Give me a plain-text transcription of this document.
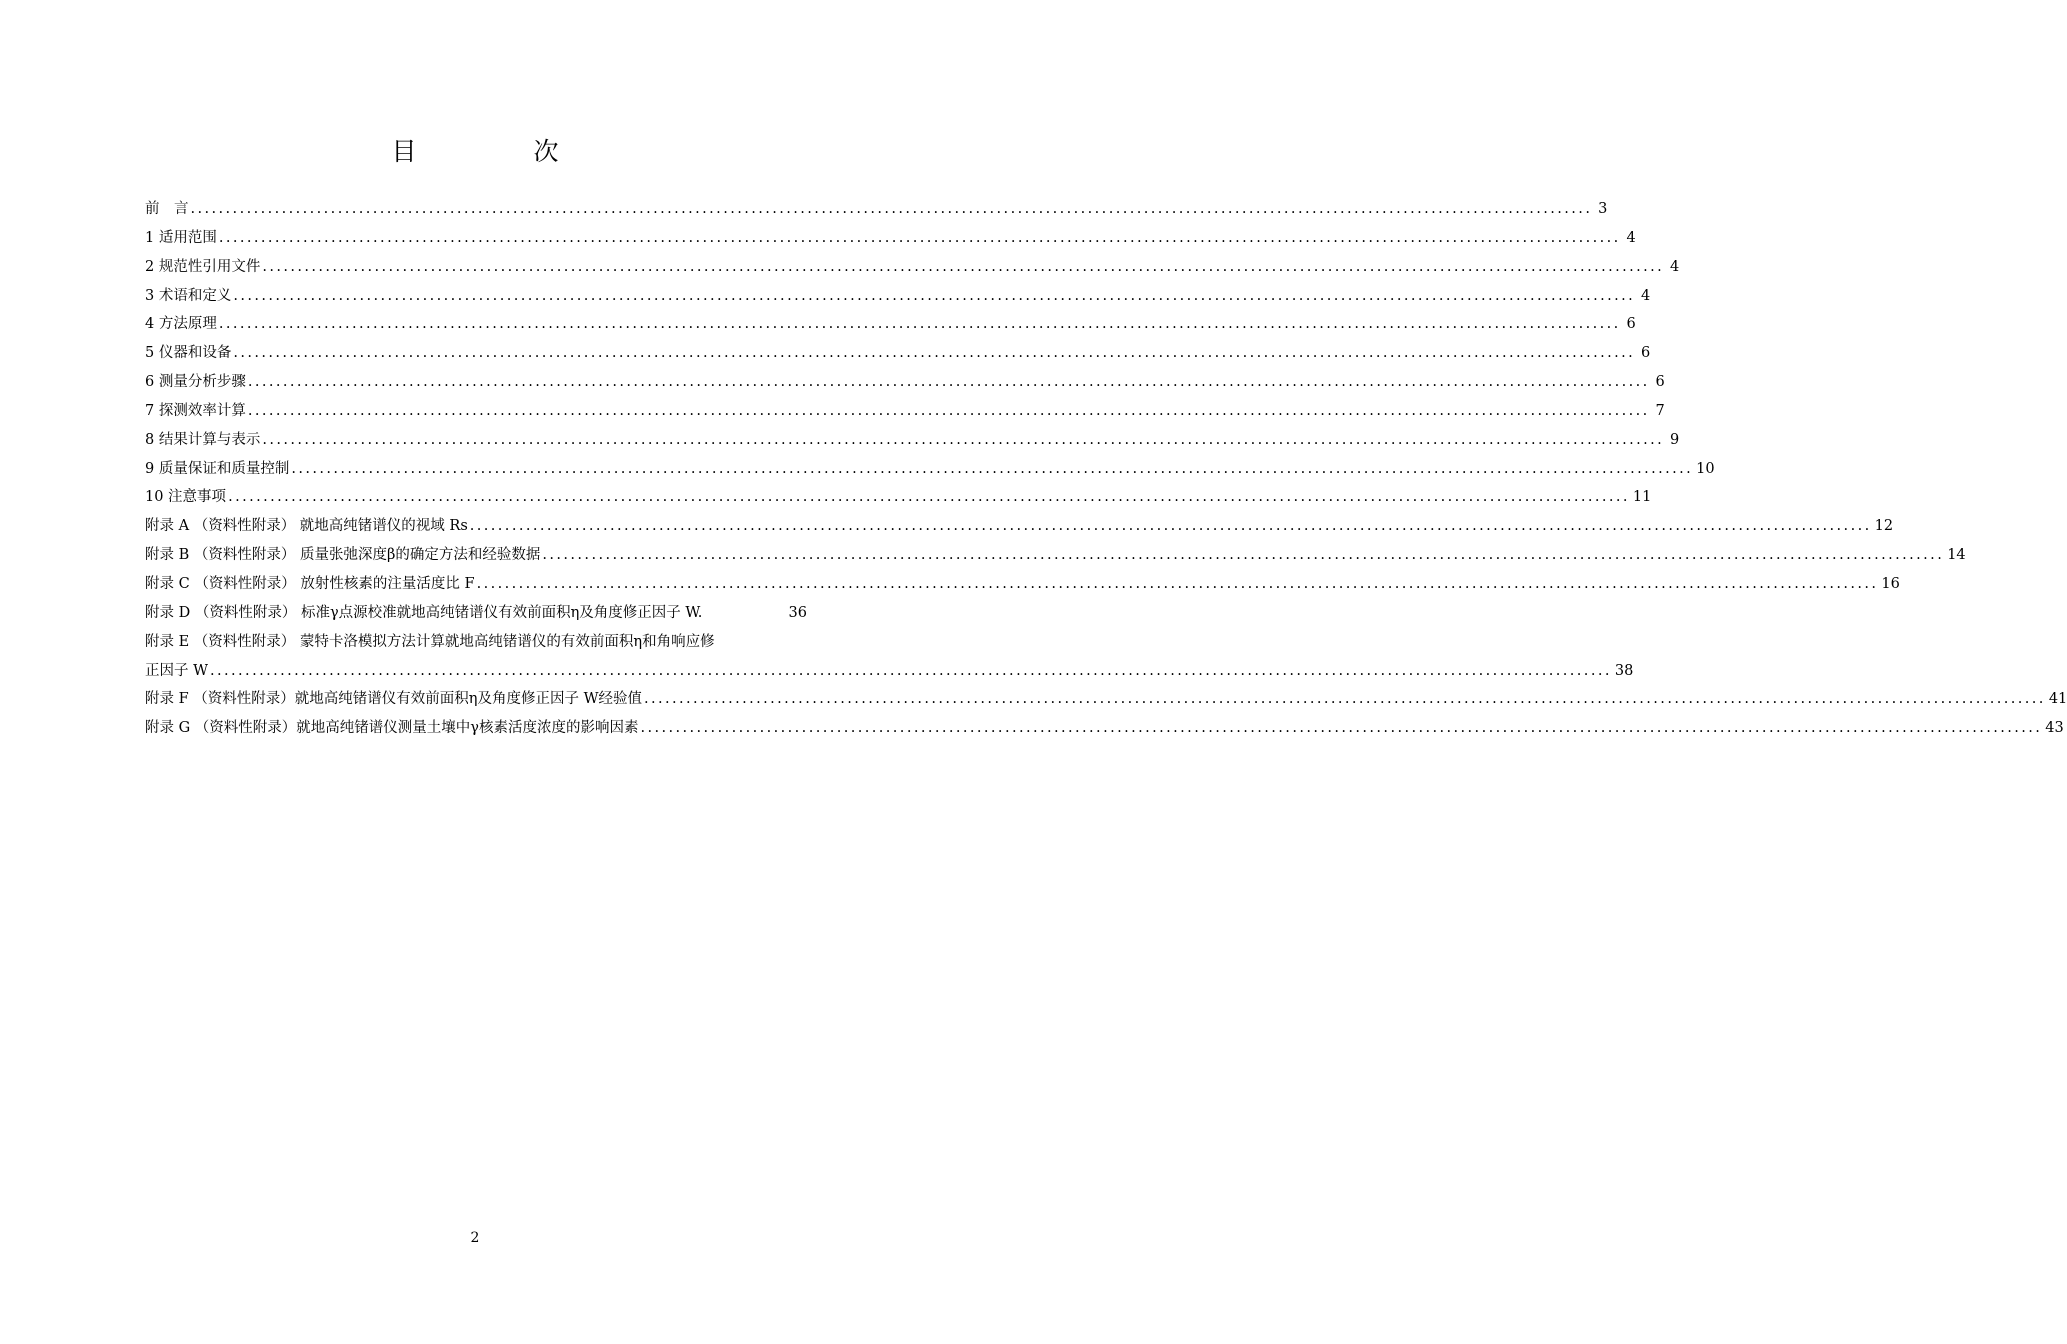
目　次
前　言 ........................................................................................................................................................................................................ 3
1 适用范围 ........................................................................................................................................................................................................ 4
2 规范性引用文件 ........................................................................................................................................................................................................ 4
3 术语和定义 ........................................................................................................................................................................................................ 4
4 方法原理 ........................................................................................................................................................................................................ 6
5 仪器和设备 ........................................................................................................................................................................................................ 6
6 测量分析步骤 ........................................................................................................................................................................................................ 6
7 探测效率计算 ........................................................................................................................................................................................................ 7
8 结果计算与表示 ........................................................................................................................................................................................................ 9
9 质量保证和质量控制 ........................................................................................................................................................................................................ 10
10 注意事项 ........................................................................................................................................................................................................ 11
附录 A （资料性附录） 就地高纯锗谱仪的视域 Rs ........................................................................................................................................................................................................ 12
附录 B （资料性附录） 质量张弛深度β的确定方法和经验数据 ........................................................................................................................................................................................................ 14
附录 C （资料性附录） 放射性核素的注量活度比 F ........................................................................................................................................................................................................ 16
附录 D （资料性附录） 标准γ点源校准就地高纯锗谱仪有效前面积η及角度修正因子 W.	36
附录 E （资料性附录） 蒙特卡洛模拟方法计算就地高纯锗谱仪的有效前面积η和角响应修
正因子 W ........................................................................................................................................................................................................ 38
附录 F （资料性附录）就地高纯锗谱仪有效前面积η及角度修正因子 W经验值 ........................................................................................................................................................................................................ 41
附录 G （资料性附录）就地高纯锗谱仪测量土壤中γ核素活度浓度的影响因素 ........................................................................................................................................................................................................ 43
2
